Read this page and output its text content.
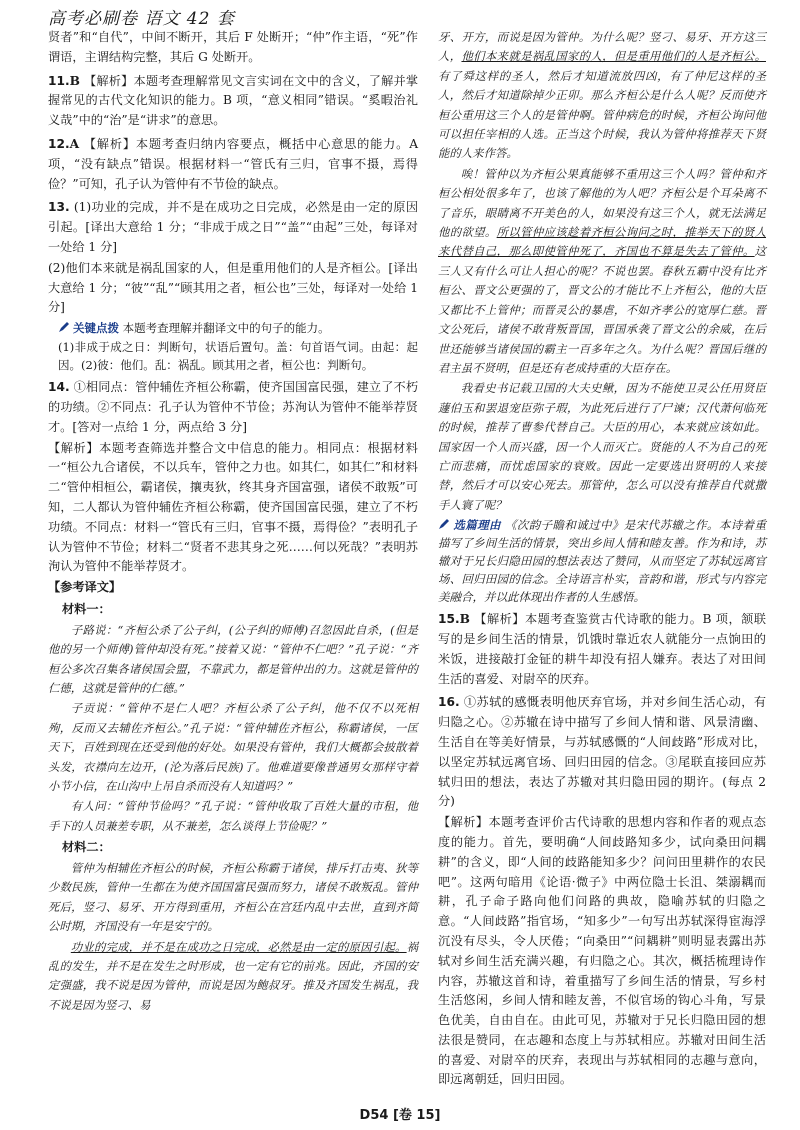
高考必刷卷 语文 42 套

贤者”和“自代”，中间不断开，其后 F 处断开；“仲”作主语，“死”作谓语，主谓结构完整，其后 G 处断开。

11.B 【解析】本题考查理解常见文言实词在文中的含义，了解并掌握常见的古代文化知识的能力。B 项，“意义相同”错误。“奚暇治礼义哉”中的“治”是“讲求”的意思。

12.A 【解析】本题考查归纳内容要点，概括中心意思的能力。A 项，“没有缺点”错误。根据材料一“管氏有三归，官事不摄，焉得俭？”可知，孔子认为管仲有不节俭的缺点。

13. (1)功业的完成，并不是在成功之日完成，必然是由一定的原因引起。[译出大意给 1 分；“非成于成之日”“盖”“由起”三处，每译对一处给 1 分]

(2)他们本来就是祸乱国家的人，但是重用他们的人是齐桓公。[译出大意给 1 分；“彼”“乱”“顾其用之者，桓公也”三处，每译对一处给 1 分]

关键点拨 本题考查理解并翻译文中的句子的能力。

(1)非成于成之日：判断句，状语后置句。盖：句首语气词。由起：起因。(2)彼：他们。乱：祸乱。顾其用之者，桓公也：判断句。

14. ①相同点：管仲辅佐齐桓公称霸，使齐国国富民强，建立了不朽的功绩。②不同点：孔子认为管仲不节俭；苏洵认为管仲不能举荐贤才。[答对一点给 1 分，两点给 3 分]

【解析】本题考查筛选并整合文中信息的能力。相同点：根据材料一“桓公九合诸侯，不以兵车，管仲之力也。如其仁，如其仁”和材料二“管仲相桓公，霸诸侯，攘夷狄，终其身齐国富强，诸侯不敢叛”可知，二人都认为管仲辅佐齐桓公称霸，使齐国国富民强，建立了不朽功绩。不同点：材料一“管氏有三归，官事不摄，焉得俭？”表明孔子认为管仲不节俭；材料二“贤者不悲其身之死……何以死哉？”表明苏洵认为管仲不能举荐贤才。

【参考译文】

材料一：

子路说：“齐桓公杀了公子纠，(公子纠的师傅)召忽因此自杀，(但是他的另一个师傅)管仲却没有死。”接着又说：“管仲不仁吧？”孔子说：“齐桓公多次召集各诸侯国会盟，不靠武力，都是管仲出的力。这就是管仲的仁德，这就是管仲的仁德。”

子贡说：“管仲不是仁人吧？齐桓公杀了公子纠，他不仅不以死相殉，反而又去辅佐齐桓公。”孔子说：“管仲辅佐齐桓公，称霸诸侯，一匡天下，百姓到现在还受到他的好处。如果没有管仲，我们大概都会披散着头发，衣襟向左边开，(沦为落后民族)了。他难道要像普通男女那样守着小节小信，在山沟中上吊自杀而没有人知道吗？”

有人问：“管仲节俭吗？”孔子说：“管仲收取了百姓大量的市租，他手下的人员兼差专职，从不兼差，怎么谈得上节俭呢？”

材料二：

管仲为相辅佐齐桓公的时候，齐桓公称霸于诸侯，排斥打击夷、狄等少数民族，管仲一生都在为使齐国国富民强而努力，诸侯不敢叛乱。管仲死后，竖刁、易牙、开方得到重用，齐桓公在宫廷内乱中去世，直到齐简公时期，齐国没有一年是安宁的。

功业的完成，并不是在成功之日完成，必然是由一定的原因引起。祸乱的发生，并不是在发生之时形成，也一定有它的前兆。因此，齐国的安定强盛，我不说是因为管仲，而说是因为鲍叔牙。推及齐国发生祸乱，我不说是因为竖刁、易

牙、开方，而说是因为管仲。为什么呢？竖刁、易牙、开方这三人，他们本来就是祸乱国家的人，但是重用他们的人是齐桓公。有了舜这样的圣人，然后才知道流放四凶，有了仲尼这样的圣人，然后才知道除掉少正卯。那么齐桓公是什么人呢？反而使齐桓公重用这三个人的是管仲啊。管仲病危的时候，齐桓公询问他可以担任宰相的人选。正当这个时候，我认为管仲将推荐天下贤能的人来作答。

唉！管仲以为齐桓公果真能够不重用这三个人吗？管仲和齐桓公相处很多年了，也该了解他的为人吧？齐桓公是个耳朵离不了音乐，眼睛离不开美色的人，如果没有这三个人，就无法满足他的欲望。所以管仲应该趁着齐桓公询问之时，推举天下的贤人来代替自己，那么即使管仲死了，齐国也不算是失去了管仲。这三人又有什么可让人担心的呢？不说也罢。春秋五霸中没有比齐桓公、晋文公更强的了，晋文公的才能比不上齐桓公，他的大臣又都比不上管仲；而晋灵公的暴虐，不如齐孝公的宽厚仁慈。晋文公死后，诸侯不敢背叛晋国，晋国承袭了晋文公的余威，在后世还能够当诸侯国的霸主一百多年之久。为什么呢？晋国后继的君主虽不贤明，但是还有老成持重的大臣存在。

我看史书记载卫国的大夫史鳅，因为不能使卫灵公任用贤臣蘧伯玉和罢退宠臣弥子瑕，为此死后进行了尸谏；汉代萧何临死的时候，推荐了曹参代替自己。大臣的用心，本来就应该如此。国家因一个人而兴盛，因一个人而灭亡。贤能的人不为自己的死亡而悲痛，而忧虑国家的衰败。因此一定要选出贤明的人来接替，然后才可以安心死去。那管仲，怎么可以没有推荐自代就撒手人寰了呢？

选篇理由 《次韵子瞻和诚过中》是宋代苏辙之作。本诗着重描写了乡间生活的情景，突出乡间人情和睦友善。作为和诗，苏辙对于兄长归隐田园的想法表达了赞同，从而坚定了苏轼远离官场、回归田园的信念。全诗语言朴实，音韵和谐，形式与内容完美融合，并以此体现出作者的人生感悟。

15.B 【解析】本题考查鉴赏古代诗歌的能力。B 项，颔联写的是乡间生活的情景，饥饿时靠近农人就能分一点饷田的米饭，进接敲打金钲的耕牛却没有招人嫌弃。表达了对田间生活的喜爱、对尉卒的厌弃。

16. ①苏轼的感慨表明他厌弃官场，并对乡间生活心动，有归隐之心。②苏辙在诗中描写了乡间人情和谐、风景清幽、生活自在等美好情景，与苏轼感慨的“人间歧路”形成对比，以坚定苏轼远离官场、回归田园的信念。③尾联直接回应苏轼归田的想法，表达了苏辙对其归隐田园的期许。(每点 2 分)

【解析】本题考查评价古代诗歌的思想内容和作者的观点态度的能力。首先，要明确“人间歧路知多少，试向桑田问耦耕”的含义，即“人间的歧路能知多少？问问田里耕作的农民吧”。这两句暗用《论语·微子》中两位隐士长沮、桀溺耦而耕，孔子命子路向他们问路的典故，隐喻苏轼的归隐之意。“人间歧路”指官场，“知多少”一句写出苏轼深得宦海浮沉没有尽头，令人厌倦；“向桑田”“问耦耕”则明显表露出苏轼对乡间生活充满兴趣，有归隐之心。其次，概括梳理诗作内容，苏辙这首和诗，着重描写了乡间生活的情景，写乡村生活悠闲，乡间人情和睦友善，不似官场的钩心斗角，写景色优美，自由自在。由此可见，苏辙对于兄长归隐田园的想法很是赞同，在志趣和态度上与苏轼相应。苏辙对田间生活的喜爱、对尉卒的厌弃，表现出与苏轼相同的志趣与意向，即远离朝廷，回归田园。

D54 [卷 15]
